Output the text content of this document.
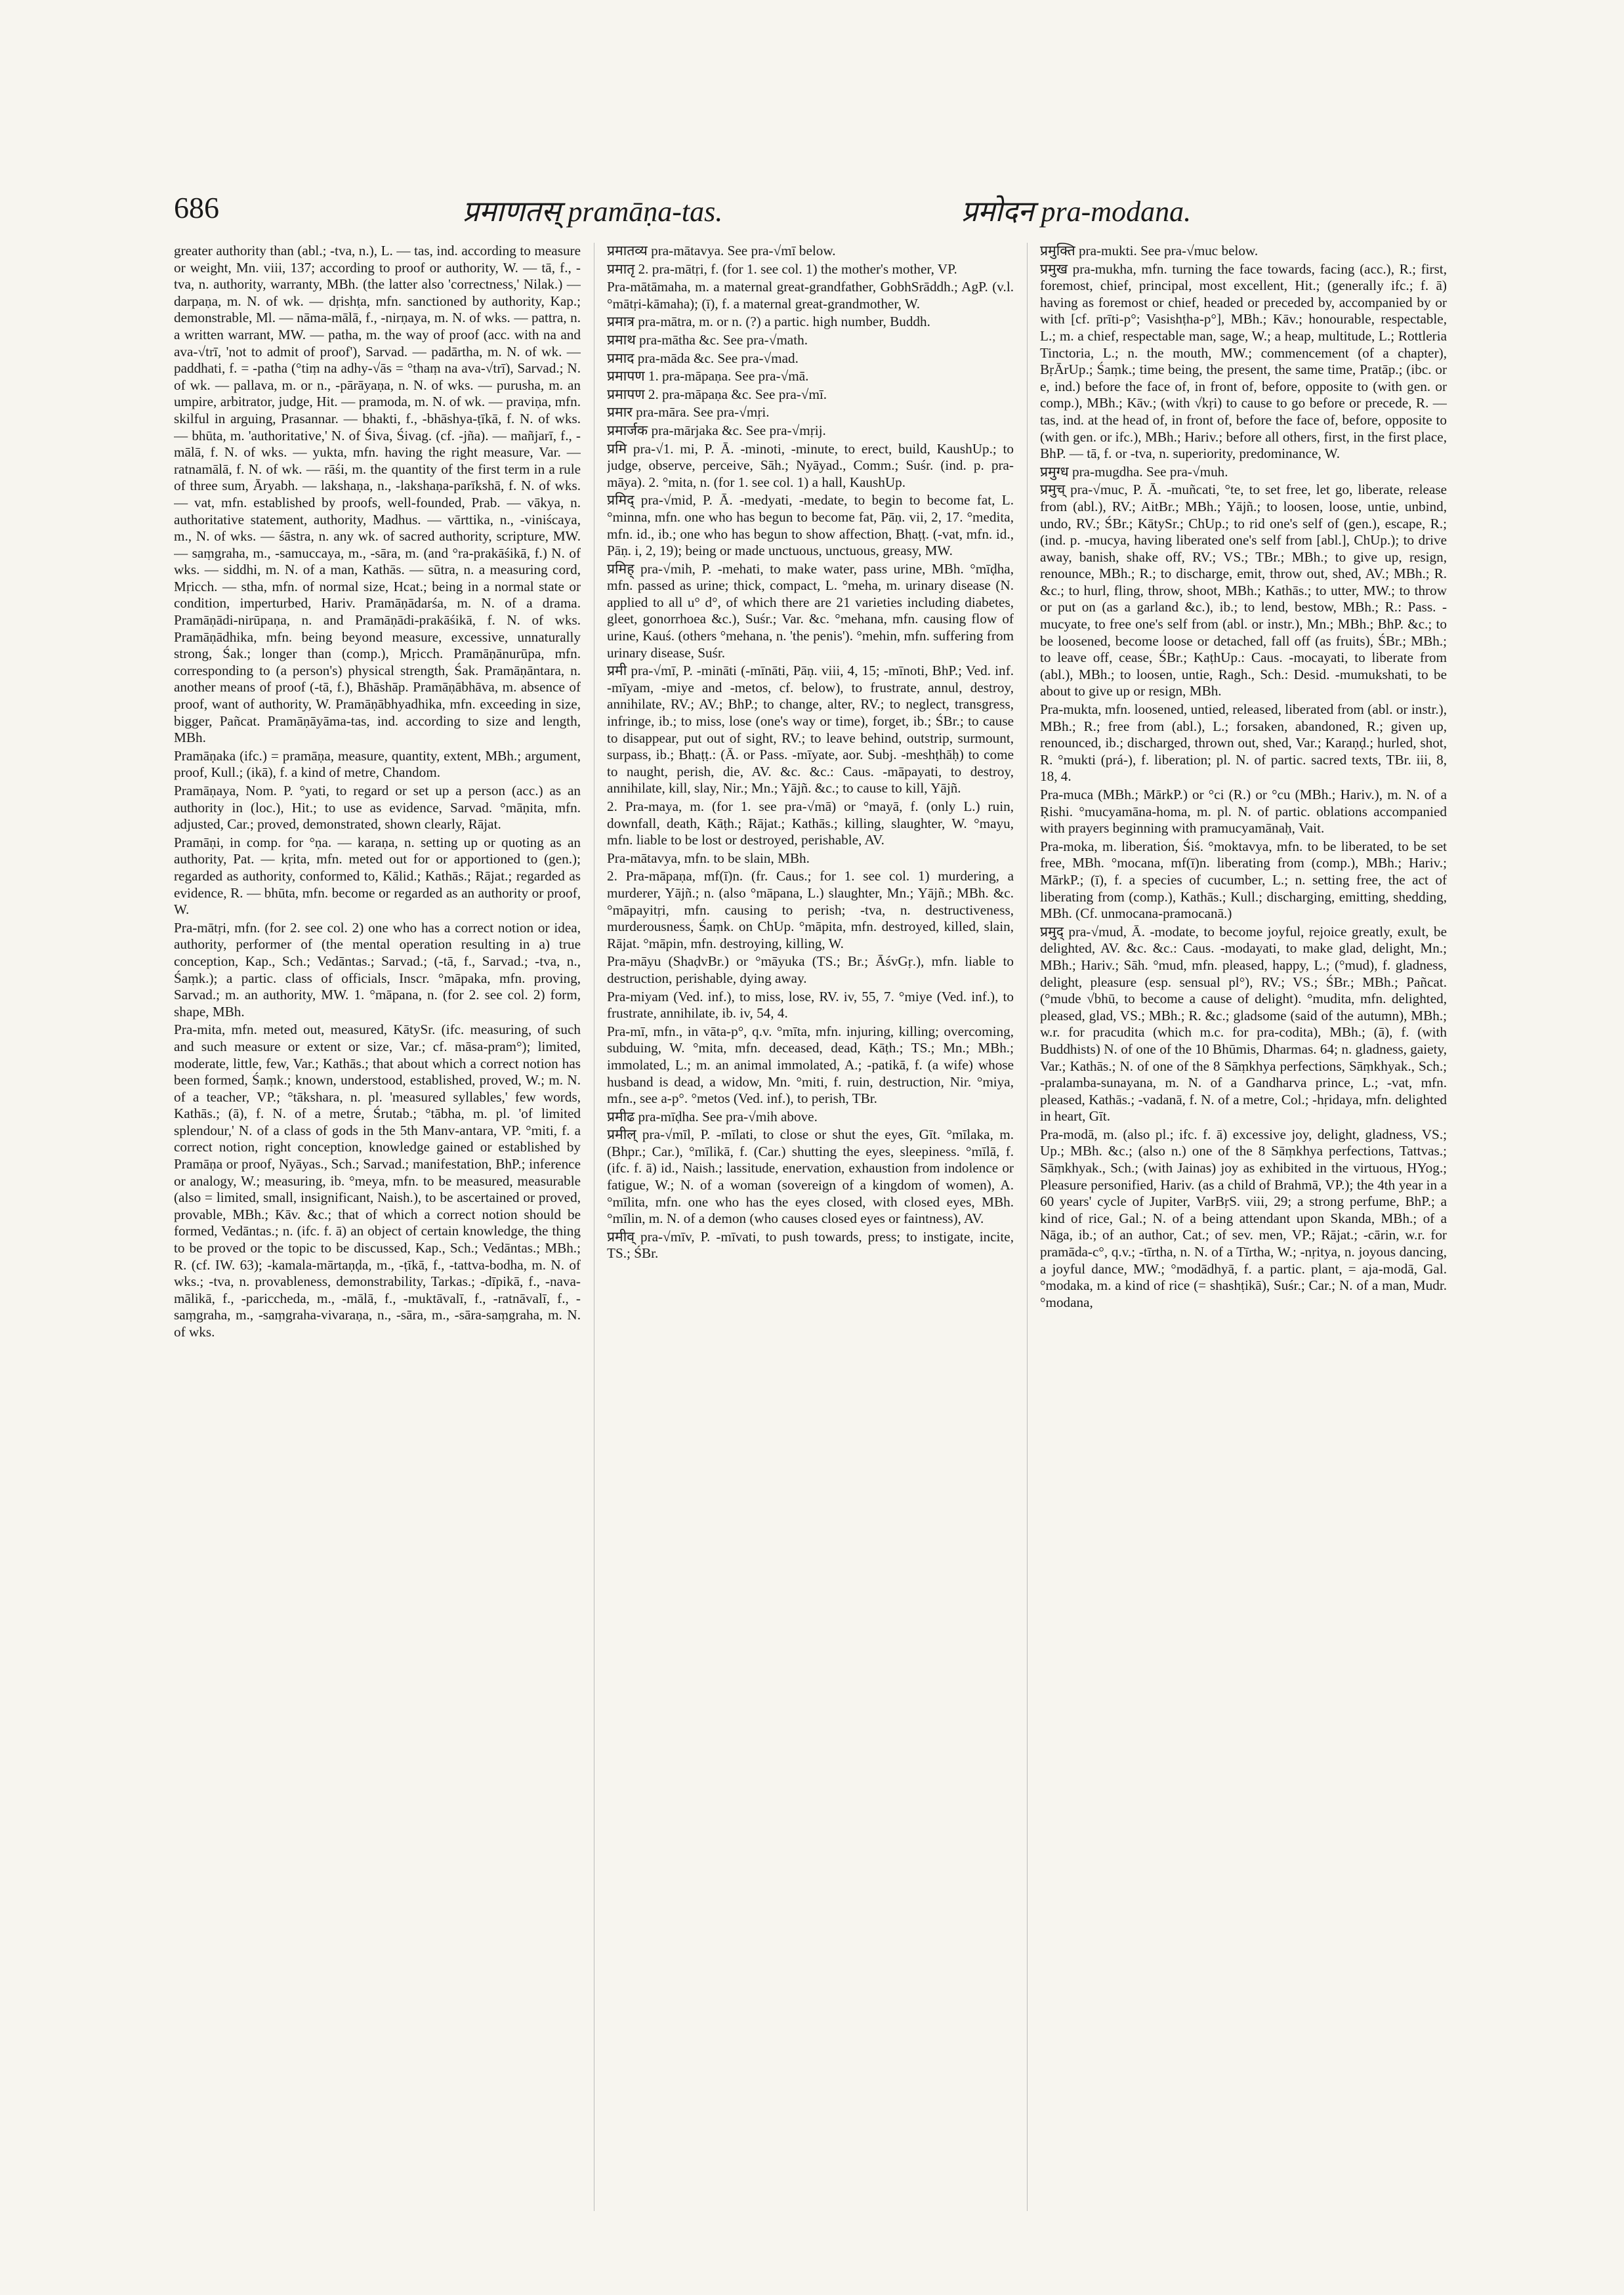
686	प्रमाणतस् pramāṇa-tas.	प्रमोदन pra-modana.

greater authority than (abl.; -tva, n.), L. — tas, ind. according to measure or weight, Mn. viii, 137; according to proof or authority, W. — tā, f., -tva, n. authority, warranty, MBh. (the latter also 'correctness,' Nilak.) — darpaṇa, m. N. of wk. — dṛishṭa, mfn. sanctioned by authority, Kap.; demonstrable, Ml. — nāma-mālā, f., -nirṇaya, m. N. of wks. — pattra, n. a written warrant, MW. — patha, m. the way of proof (acc. with na and ava-√trī, 'not to admit of proof'), Sarvad. — padārtha, m. N. of wk. — paddhati, f. = -patha (°tiṃ na adhy-√ās = °thaṃ na ava-√trī), Sarvad.; N. of wk. — pallava, m. or n., -pārāyaṇa, n. N. of wks. — purusha, m. an umpire, arbitrator, judge, Hit. — pramoda, m. N. of wk. — praviṇa, mfn. skilful in arguing, Prasannar. — bhakti, f., -bhāshya-ṭīkā, f. N. of wks. — bhūta, m. 'authoritative,' N. of Śiva, Śivag. (cf. -jña). — mañjarī, f., -mālā, f. N. of wks. — yukta, mfn. having the right measure, Var. — ratnamālā, f. N. of wk. — rāśi, m. the quantity of the first term in a rule of three sum, Āryabh. — lakshaṇa, n., -lakshaṇa-parīkshā, f. N. of wks. — vat, mfn. established by proofs, well-founded, Prab. — vākya, n. authoritative statement, authority, Madhus. — vārttika, n., -viniścaya, m., N. of wks. — śāstra, n. any wk. of sacred authority, scripture, MW. — saṃgraha, m., -samuccaya, m., -sāra, m. (and °ra-prakāśikā, f.) N. of wks. — siddhi, m. N. of a man, Kathās. — sūtra, n. a measuring cord, Mṛicch. — stha, mfn. of normal size, Hcat.; being in a normal state or condition, imperturbed, Hariv. Pramāṇādarśa, m. N. of a drama. Pramāṇādi-nirūpaṇa, n. and Pramāṇādi-prakāśikā, f. N. of wks. Pramāṇādhika, mfn. being beyond measure, excessive, unnaturally strong, Śak.; longer than (comp.), Mṛicch. Pramāṇānurūpa, mfn. corresponding to (a person's) physical strength, Śak. Pramāṇāntara, n. another means of proof (-tā, f.), Bhāshāp. Pramāṇābhāva, m. absence of proof, want of authority, W. Pramāṇābhyadhika, mfn. exceeding in size, bigger, Pañcat. Pramāṇāyāma-tas, ind. according to size and length, MBh.

Pramāṇaka (ifc.) = pramāṇa, measure, quantity, extent, MBh.; argument, proof, Kull.; (ikā), f. a kind of metre, Chandom.

Pramāṇaya, Nom. P. °yati, to regard or set up a person (acc.) as an authority in (loc.), Hit.; to use as evidence, Sarvad. °māṇita, mfn. adjusted, Car.; proved, demonstrated, shown clearly, Rājat.

Pramāṇi, in comp. for °ṇa. — karaṇa, n. setting up or quoting as an authority, Pat. — kṛita, mfn. meted out for or apportioned to (gen.); regarded as authority, conformed to, Kālid.; Kathās.; Rājat.; regarded as evidence, R. — bhūta, mfn. become or regarded as an authority or proof, W.

Pra-mātṛi, mfn. (for 2. see col. 2) one who has a correct notion or idea, authority, performer of (the mental operation resulting in a) true conception, Kap., Sch.; Vedāntas.; Sarvad.; (-tā, f., Sarvad.; -tva, n., Śaṃk.); a partic. class of officials, Inscr. °māpaka, mfn. proving, Sarvad.; m. an authority, MW. 1. °māpana, n. (for 2. see col. 2) form, shape, MBh.

Pra-mita, mfn. meted out, measured, KātySr. (ifc. measuring, of such and such measure or extent or size, Var.; cf. māsa-pram°); limited, moderate, little, few, Var.; Kathās.; that about which a correct notion has been formed, Śaṃk.; known, understood, established, proved, W.; m. N. of a teacher, VP.; °tākshara, n. pl. 'measured syllables,' few words, Kathās.; (ā), f. N. of a metre, Śrutab.; °tābha, m. pl. 'of limited splendour,' N. of a class of gods in the 5th Manv-antara, VP. °miti, f. a correct notion, right conception, knowledge gained or established by Pramāṇa or proof, Nyāyas., Sch.; Sarvad.; manifestation, BhP.; inference or analogy, W.; measuring, ib. °meya, mfn. to be measured, measurable (also = limited, small, insignificant, Naish.), to be ascertained or proved, provable, MBh.; Kāv. &c.; that of which a correct notion should be formed, Vedāntas.; n. (ifc. f. ā) an object of certain knowledge, the thing to be proved or the topic to be discussed, Kap., Sch.; Vedāntas.; MBh.; R. (cf. IW. 63); -kamala-mārtaṇḍa, m., -ṭīkā, f., -tattva-bodha, m. N. of wks.; -tva, n. provableness, demonstrability, Tarkas.; -dīpikā, f., -nava-mālikā, f., -pariccheda, m., -mālā, f., -muktāvalī, f., -ratnāvalī, f., -saṃgraha, m., -saṃgraha-vivaraṇa, n., -sāra, m., -sāra-saṃgraha, m. N. of wks.

प्रमातव्य pra-mātavya. See pra-√mī below.

प्रमातृ 2. pra-mātṛi, f. (for 1. see col. 1) the mother's mother, VP.

Pra-mātāmaha, m. a maternal great-grandfather, GobhSrāddh.; AgP. (v.l. °mātṛi-kāmaha); (ī), f. a maternal great-grandmother, W.

प्रमात्र pra-mātra, m. or n. (?) a partic. high number, Buddh.

प्रमाथ pra-mātha &c. See pra-√math.

प्रमाद pra-māda &c. See pra-√mad.

प्रमापण 1. pra-māpaṇa. See pra-√mā.

प्रमापण 2. pra-māpaṇa &c. See pra-√mī.

प्रमार pra-māra. See pra-√mṛi.

प्रमार्जक pra-mārjaka &c. See pra-√mṛij.

प्रमि pra-√1. mi, P. Ā. -minoti, -minute, to erect, build, KaushUp.; to judge, observe, perceive, Sāh.; Nyāyad., Comm.; Suśr. (ind. p. pra-māya). 2. °mita, n. (for 1. see col. 1) a hall, KaushUp.

प्रमिद् pra-√mid, P. Ā. -medyati, -medate, to begin to become fat, L. °minna, mfn. one who has begun to become fat, Pāṇ. vii, 2, 17. °medita, mfn. id., ib.; one who has begun to show affection, Bhaṭṭ. (-vat, mfn. id., Pāṇ. i, 2, 19); being or made unctuous, unctuous, greasy, MW.

प्रमिह् pra-√mih, P. -mehati, to make water, pass urine, MBh. °mīḍha, mfn. passed as urine; thick, compact, L. °meha, m. urinary disease (N. applied to all u° d°, of which there are 21 varieties including diabetes, gleet, gonorrhoea &c.), Suśr.; Var. &c. °mehana, mfn. causing flow of urine, Kauś. (others °mehana, n. 'the penis'). °mehin, mfn. suffering from urinary disease, Suśr.

प्रमी pra-√mī, P. -mināti (-mīnāti, Pāṇ. viii, 4, 15; -mīnoti, BhP.; Ved. inf. -mīyam, -miye and -metos, cf. below), to frustrate, annul, destroy, annihilate, RV.; AV.; BhP.; to change, alter, RV.; to neglect, transgress, infringe, ib.; to miss, lose (one's way or time), forget, ib.; ŚBr.; to cause to disappear, put out of sight, RV.; to leave behind, outstrip, surmount, surpass, ib.; Bhaṭṭ.: (Ā. or Pass. -mīyate, aor. Subj. -meshṭhāḥ) to come to naught, perish, die, AV. &c. &c.: Caus. -māpayati, to destroy, annihilate, kill, slay, Nir.; Mn.; Yājñ. &c.; to cause to kill, Yājñ.

2. Pra-maya, m. (for 1. see pra-√mā) or °mayā, f. (only L.) ruin, downfall, death, Kāṭh.; Rājat.; Kathās.; killing, slaughter, W. °mayu, mfn. liable to be lost or destroyed, perishable, AV.

Pra-mātavya, mfn. to be slain, MBh.

2. Pra-māpaṇa, mf(ī)n. (fr. Caus.; for 1. see col. 1) murdering, a murderer, Yājñ.; n. (also °māpana, L.) slaughter, Mn.; Yājñ.; MBh. &c. °māpayitṛi, mfn. causing to perish; -tva, n. destructiveness, murderousness, Śaṃk. on ChUp. °māpita, mfn. destroyed, killed, slain, Rājat. °māpin, mfn. destroying, killing, W.

Pra-māyu (ShaḍvBr.) or °māyuka (TS.; Br.; ĀśvGṛ.), mfn. liable to destruction, perishable, dying away.

Pra-miyam (Ved. inf.), to miss, lose, RV. iv, 55, 7. °miye (Ved. inf.), to frustrate, annihilate, ib. iv, 54, 4.

Pra-mī, mfn., in vāta-p°, q.v. °mīta, mfn. injuring, killing; overcoming, subduing, W. °mita, mfn. deceased, dead, Kāṭh.; TS.; Mn.; MBh.; immolated, L.; m. an animal immolated, A.; -patikā, f. (a wife) whose husband is dead, a widow, Mn. °miti, f. ruin, destruction, Nir. °miya, mfn., see a-p°. °metos (Ved. inf.), to perish, TBr.

प्रमीढ pra-mīḍha. See pra-√mih above.

प्रमील् pra-√mīl, P. -mīlati, to close or shut the eyes, Gīt. °mīlaka, m. (Bhpr.; Car.), °mīlikā, f. (Car.) shutting the eyes, sleepiness. °mīlā, f. (ifc. f. ā) id., Naish.; lassitude, enervation, exhaustion from indolence or fatigue, W.; N. of a woman (sovereign of a kingdom of women), A. °mīlita, mfn. one who has the eyes closed, with closed eyes, MBh. °mīlin, m. N. of a demon (who causes closed eyes or faintness), AV.

प्रमीव् pra-√mīv, P. -mīvati, to push towards, press; to instigate, incite, TS.; ŚBr.

प्रमुक्ति pra-mukti. See pra-√muc below.

प्रमुख pra-mukha, mfn. turning the face towards, facing (acc.), R.; first, foremost, chief, principal, most excellent, Hit.; (generally ifc.; f. ā) having as foremost or chief, headed or preceded by, accompanied by or with [cf. prīti-p°; Vasishṭha-p°], MBh.; Kāv.; honourable, respectable, L.; m. a chief, respectable man, sage, W.; a heap, multitude, L.; Rottleria Tinctoria, L.; n. the mouth, MW.; commencement (of a chapter), BṛĀrUp.; Śaṃk.; time being, the present, the same time, Pratāp.; (ibc. or e, ind.) before the face of, in front of, before, opposite to (with gen. or comp.), MBh.; Kāv.; (with √kṛi) to cause to go before or precede, R. — tas, ind. at the head of, in front of, before the face of, before, opposite to (with gen. or ifc.), MBh.; Hariv.; before all others, first, in the first place, BhP. — tā, f. or -tva, n. superiority, predominance, W.

प्रमुग्ध pra-mugdha. See pra-√muh.

प्रमुच् pra-√muc, P. Ā. -muñcati, °te, to set free, let go, liberate, release from (abl.), RV.; AitBr.; MBh.; Yājñ.; to loosen, loose, untie, unbind, undo, RV.; ŚBr.; KātySr.; ChUp.; to rid one's self of (gen.), escape, R.; (ind. p. -mucya, having liberated one's self from [abl.], ChUp.); to drive away, banish, shake off, RV.; VS.; TBr.; MBh.; to give up, resign, renounce, MBh.; R.; to discharge, emit, throw out, shed, AV.; MBh.; R. &c.; to hurl, fling, throw, shoot, MBh.; Kathās.; to utter, MW.; to throw or put on (as a garland &c.), ib.; to lend, bestow, MBh.; R.: Pass. -mucyate, to free one's self from (abl. or instr.), Mn.; MBh.; BhP. &c.; to be loosened, become loose or detached, fall off (as fruits), ŚBr.; MBh.; to leave off, cease, ŚBr.; KaṭhUp.: Caus. -mocayati, to liberate from (abl.), MBh.; to loosen, untie, Ragh., Sch.: Desid. -mumukshati, to be about to give up or resign, MBh.

Pra-mukta, mfn. loosened, untied, released, liberated from (abl. or instr.), MBh.; R.; free from (abl.), L.; forsaken, abandoned, R.; given up, renounced, ib.; discharged, thrown out, shed, Var.; Karaṇḍ.; hurled, shot, R. °mukti (prá-), f. liberation; pl. N. of partic. sacred texts, TBr. iii, 8, 18, 4.

Pra-muca (MBh.; MārkP.) or °ci (R.) or °cu (MBh.; Hariv.), m. N. of a Ṛishi. °mucyamāna-homa, m. pl. N. of partic. oblations accompanied with prayers beginning with pramucyamānaḥ, Vait.

Pra-moka, m. liberation, Śiś. °moktavya, mfn. to be liberated, to be set free, MBh. °mocana, mf(ī)n. liberating from (comp.), MBh.; Hariv.; MārkP.; (ī), f. a species of cucumber, L.; n. setting free, the act of liberating from (comp.), Kathās.; Kull.; discharging, emitting, shedding, MBh. (Cf. unmocana-pramocanā.)

प्रमुद् pra-√mud, Ā. -modate, to become joyful, rejoice greatly, exult, be delighted, AV. &c. &c.: Caus. -modayati, to make glad, delight, Mn.; MBh.; Hariv.; Sāh. °mud, mfn. pleased, happy, L.; (°mud), f. gladness, delight, pleasure (esp. sensual pl°), RV.; VS.; ŚBr.; MBh.; Pañcat. (°mude √bhū, to become a cause of delight). °mudita, mfn. delighted, pleased, glad, VS.; MBh.; R. &c.; gladsome (said of the autumn), MBh.; w.r. for pracudita (which m.c. for pra-codita), MBh.; (ā), f. (with Buddhists) N. of one of the 10 Bhūmis, Dharmas. 64; n. gladness, gaiety, Var.; Kathās.; N. of one of the 8 Sāṃkhya perfections, Sāṃkhyak., Sch.; -pralamba-sunayana, m. N. of a Gandharva prince, L.; -vat, mfn. pleased, Kathās.; -vadanā, f. N. of a metre, Col.; -hṛidaya, mfn. delighted in heart, Gīt.

Pra-modā, m. (also pl.; ifc. f. ā) excessive joy, delight, gladness, VS.; Up.; MBh. &c.; (also n.) one of the 8 Sāṃkhya perfections, Tattvas.; Sāṃkhyak., Sch.; (with Jainas) joy as exhibited in the virtuous, HYog.; Pleasure personified, Hariv. (as a child of Brahmā, VP.); the 4th year in a 60 years' cycle of Jupiter, VarBṛS. viii, 29; a strong perfume, BhP.; a kind of rice, Gal.; N. of a being attendant upon Skanda, MBh.; of a Nāga, ib.; of an author, Cat.; of sev. men, VP.; Rājat.; -cārin, w.r. for pramāda-c°, q.v.; -tīrtha, n. N. of a Tīrtha, W.; -nṛitya, n. joyous dancing, a joyful dance, MW.; °modādhyā, f. a partic. plant, = aja-modā, Gal. °modaka, m. a kind of rice (= shashṭikā), Suśr.; Car.; N. of a man, Mudr. °modana,
